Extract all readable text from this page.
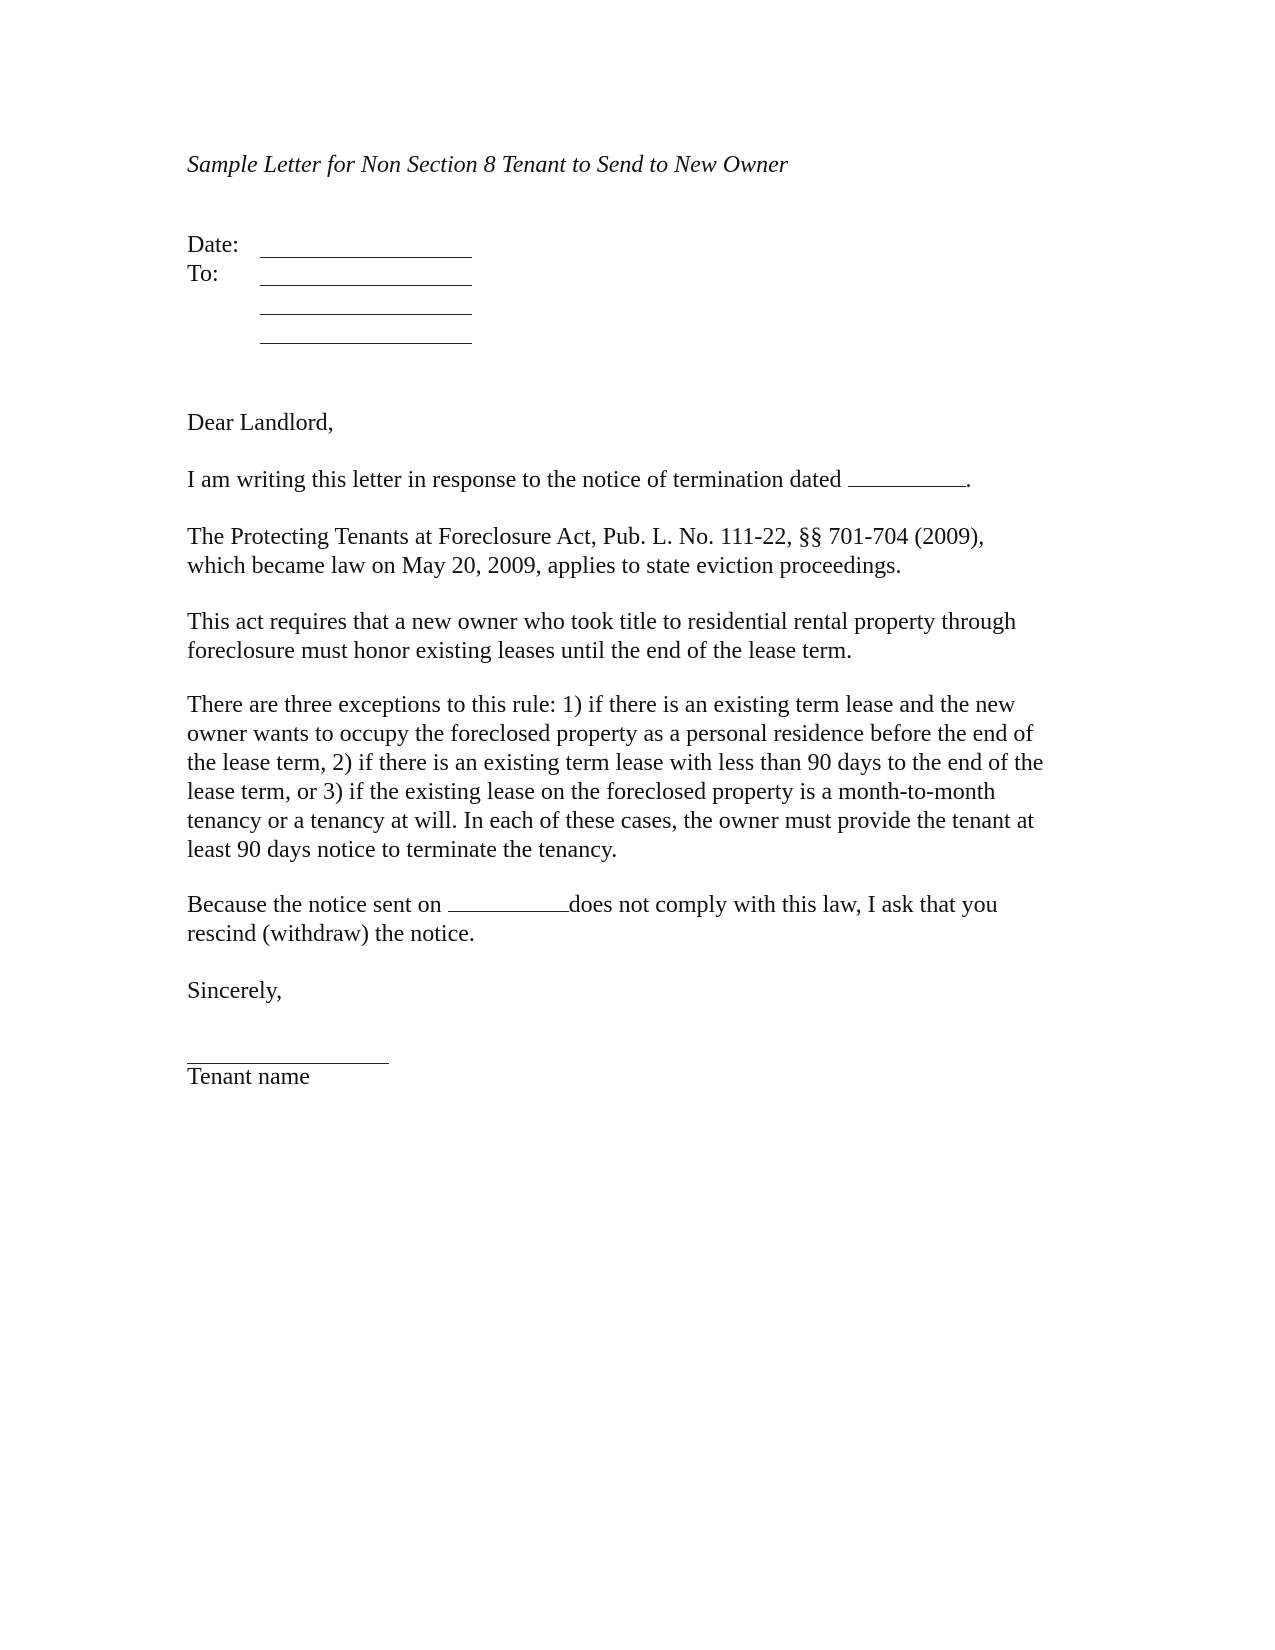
Sample Letter for Non Section 8 Tenant to Send to New Owner
Date:
To:
Dear Landlord,

I am writing this letter in response to the notice of termination dated	.

The Protecting Tenants at Foreclosure Act, Pub. L. No. 111-22, §§ 701-704 (2009),
which became law on May 20, 2009, applies to state eviction proceedings.

This act requires that a new owner who took title to residential rental property through
foreclosure must honor existing leases until the end of the lease term.

There are three exceptions to this rule: 1) if there is an existing term lease and the new
owner wants to occupy the foreclosed property as a personal residence before the end of
the lease term, 2) if there is an existing term lease with less than 90 days to the end of the
lease term, or 3) if the existing lease on the foreclosed property is a month-to-month
tenancy or a tenancy at will. In each of these cases, the owner must provide the tenant at
least 90 days notice to terminate the tenancy.

Because the notice sent on	does not comply with this law, I ask that you
rescind (withdraw) the notice.

Sincerely,
Tenant name
